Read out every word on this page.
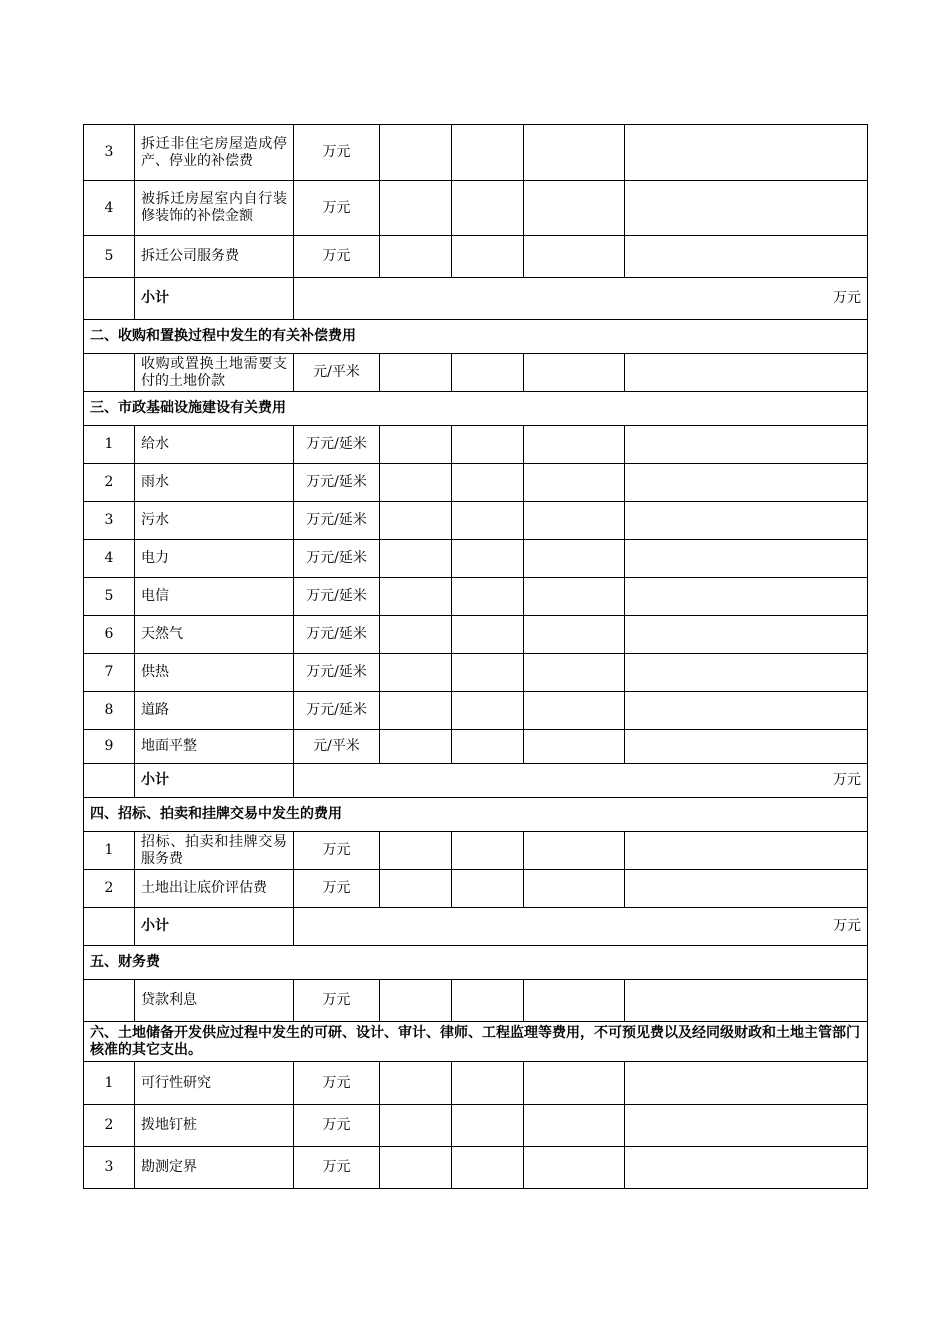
3	拆迁非住宅房屋造成停产、停业的补偿费	万元				
4	被拆迁房屋室内自行装修装饰的补偿金额	万元				
5	拆迁公司服务费	万元				
	小计	万元				
二、收购和置换过程中发生的有关补偿费用						
	收购或置换土地需要支付的土地价款	元/平米				
三、市政基础设施建设有关费用						
1	给水	万元/延米				
2	雨水	万元/延米				
3	污水	万元/延米				
4	电力	万元/延米				
5	电信	万元/延米				
6	天然气	万元/延米				
7	供热	万元/延米				
8	道路	万元/延米				
9	地面平整	元/平米				
	小计	万元				
四、招标、拍卖和挂牌交易中发生的费用						
1	招标、拍卖和挂牌交易服务费	万元				
2	土地出让底价评估费	万元				
	小计	万元				
五、财务费						
	贷款利息	万元				
六、土地储备开发供应过程中发生的可研、设计、审计、律师、工程监理等费用，不可预见费以及经同级财政和土地主管部门核准的其它支出。						
1	可行性研究	万元				
2	拨地钉桩	万元				
3	勘测定界	万元				
